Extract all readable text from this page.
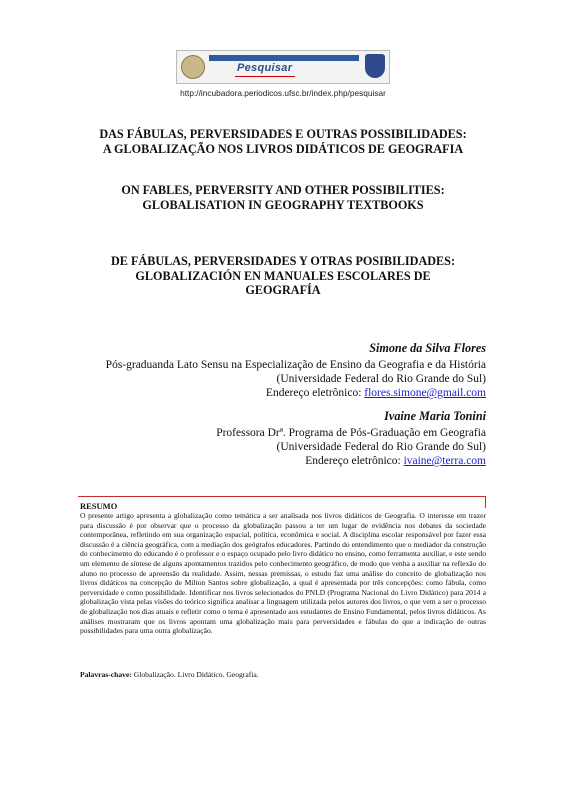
Pesquisar
http://incubadora.periodicos.ufsc.br/index.php/pesquisar
DAS FÁBULAS, PERVERSIDADES E OUTRAS POSSIBILIDADES:
A GLOBALIZAÇÃO NOS LIVROS DIDÁTICOS DE GEOGRAFIA
ON FABLES, PERVERSITY AND OTHER POSSIBILITIES:
GLOBALISATION IN GEOGRAPHY TEXTBOOKS
DE FÁBULAS, PERVERSIDADES Y OTRAS POSIBILIDADES:
GLOBALIZACIÓN EN MANUALES ESCOLARES DE
GEOGRAFÍA
Simone da Silva Flores
Pós-graduanda Lato Sensu na Especialização de Ensino da Geografia e da História
(Universidade Federal do Rio Grande do Sul)
Endereço eletrônico: flores.simone@gmail.com
Ivaine Maria Tonini
Professora Drª. Programa de Pós-Graduação em Geografia
(Universidade Federal do Rio Grande do Sul)
Endereço eletrônico: ivaine@terra.com
RESUMO
O presente artigo apresenta a globalização como temática a ser analisada nos livros didáticos de Geografia. O interesse em trazer para discussão é por observar que o processo da globalização passou a ter um lugar de evidência nos debates da sociedade contemporânea, refletindo em sua organização espacial, política, econômica e social. A disciplina escolar responsável por fazer essa discussão é a ciência geográfica, com a mediação dos geógrafos educadores. Partindo do entendimento que o mediador da construção do conhecimento do educando é o professor e o espaço ocupado pelo livro didático no ensino, como ferramenta auxiliar, e este sendo um elemento de síntese de alguns apontamentos trazidos pelo conhecimento geográfico, de modo que venha a auxiliar na reflexão do aluno no processo de apreensão da realidade. Assim, nessas premissas, o estudo faz uma análise do conceito de globalização nos livros didáticos na concepção de Milton Santos sobre globalização, a qual é apresentada por três concepções: como fábula, como perversidade e como possibilidade. Identificar nos livros selecionados do PNLD (Programa Nacional do Livro Didático) para 2014 a globalização vista pelas visões do teórico significa analisar a linguagem utilizada pelos autores dos livros, o que vem a ser o processo de globalização nos dias atuais e refletir como o tema é apresentado aos estudantes de Ensino Fundamental, pelos livros didáticos. As análises mostraram que os livros apontam uma globalização mais para perversidades e fábulas do que a indicação de outras possibilidades para uma outra globalização.
Palavras-chave: Globalização. Livro Didático. Geografia.
